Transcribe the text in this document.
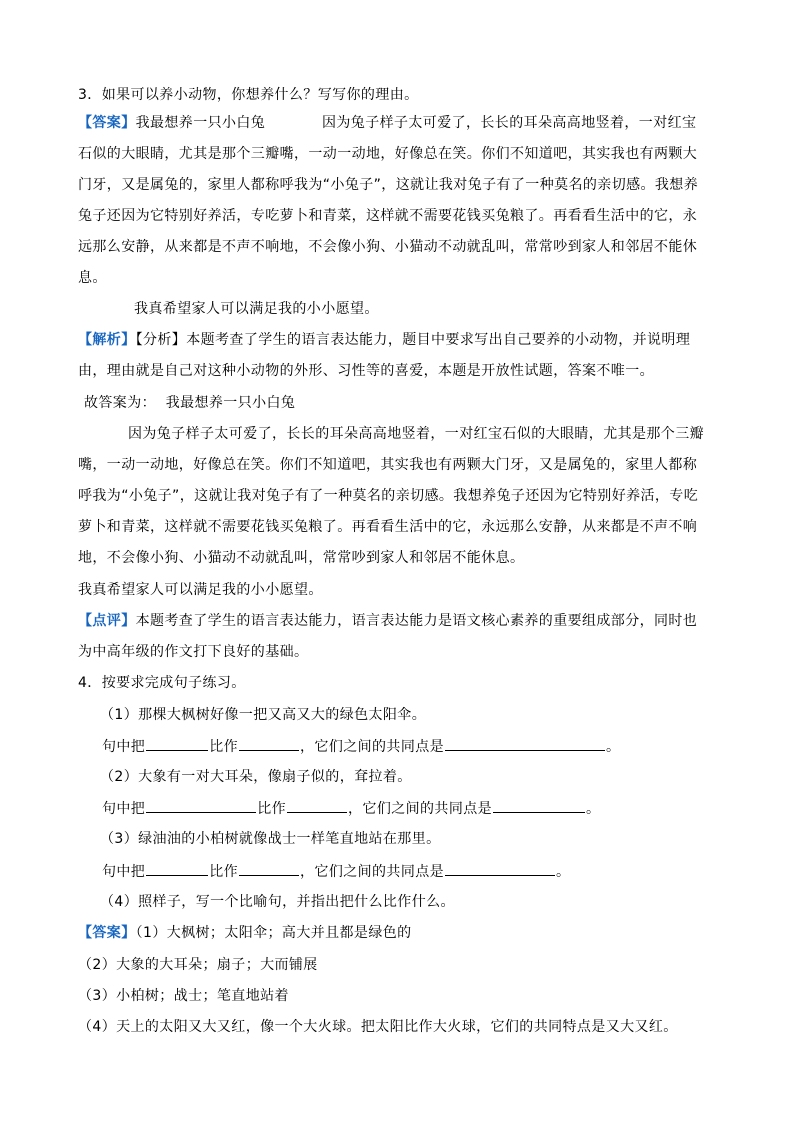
3．如果可以养小动物，你想养什么？写写你的理由。
【答案】我最想养一只小白兔	因为兔子样子太可爱了，长长的耳朵高高地竖着，一对红宝
石似的大眼睛，尤其是那个三瓣嘴，一动一动地，好像总在笑。你们不知道吧，其实我也有两颗大
门牙，又是属兔的，家里人都称呼我为“小兔子”，这就让我对兔子有了一种莫名的亲切感。我想养
兔子还因为它特别好养活，专吃萝卜和青菜，这样就不需要花钱买兔粮了。再看看生活中的它，永
远那么安静，从来都是不声不响地，不会像小狗、小猫动不动就乱叫，常常吵到家人和邻居不能休
息。
我真希望家人可以满足我的小小愿望。
【解析】【分析】本题考查了学生的语言表达能力，题目中要求写出自己要养的小动物，并说明理
由，理由就是自己对这种小动物的外形、习性等的喜爱，本题是开放性试题，答案不唯一。
故答案为： 我最想养一只小白兔
因为兔子样子太可爱了，长长的耳朵高高地竖着，一对红宝石似的大眼睛，尤其是那个三瓣
嘴，一动一动地，好像总在笑。你们不知道吧，其实我也有两颗大门牙，又是属兔的，家里人都称
呼我为“小兔子”，这就让我对兔子有了一种莫名的亲切感。我想养兔子还因为它特别好养活，专吃
萝卜和青菜，这样就不需要花钱买兔粮了。再看看生活中的它，永远那么安静，从来都是不声不响
地，不会像小狗、小猫动不动就乱叫，常常吵到家人和邻居不能休息。
我真希望家人可以满足我的小小愿望。
【点评】本题考查了学生的语言表达能力，语言表达能力是语文核心素养的重要组成部分，同时也
为中高年级的作文打下良好的基础。
4．按要求完成句子练习。
（1）那棵大枫树好像一把又高又大的绿色太阳伞。
句中把	比作	，它们之间的共同点是	。
（2）大象有一对大耳朵，像扇子似的，耷拉着。
句中把	比作	，它们之间的共同点是	。
（3）绿油油的小柏树就像战士一样笔直地站在那里。
句中把	比作	，它们之间的共同点是	。
（4）照样子，写一个比喻句，并指出把什么比作什么。
【答案】（1）大枫树；太阳伞；高大并且都是绿色的
（2）大象的大耳朵；扇子；大而铺展
（3）小柏树；战士；笔直地站着
（4）天上的太阳又大又红，像一个大火球。把太阳比作大火球，它们的共同特点是又大又红。
